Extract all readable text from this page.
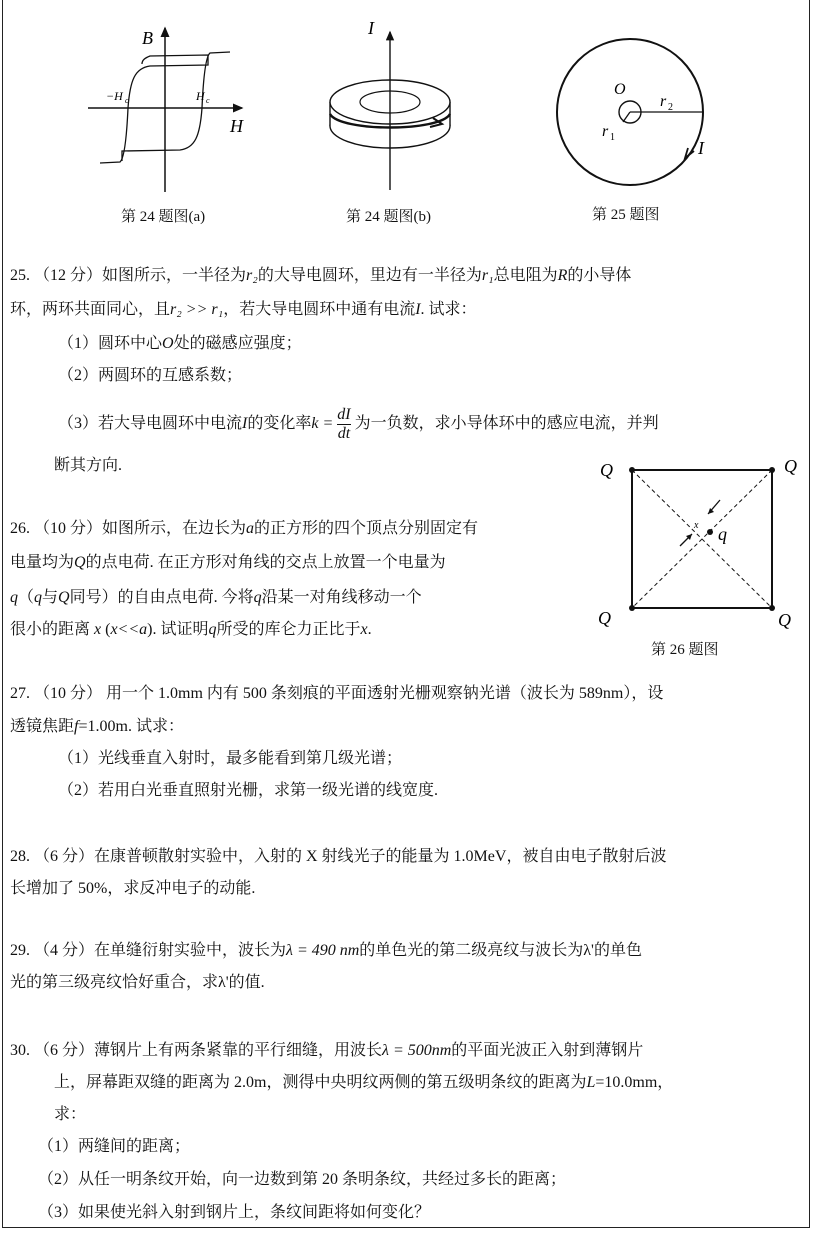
B
H
−H c	H c
第 24 题图(a)
I
第 24 题图(b)
O
r 2
r 1
I
第 25 题图
25. （12 分）如图所示，一半径为r₂的大导电圆环，里边有一半径为r₁总电阻为R的小导体
环，两环共面同心，且r₂ >> r₁，若大导电圆环中通有电流I. 试求：
（1）圆环中心O处的磁感应强度；
（2）两圆环的互感系数；
（3）若大导电圆环中电流I的变化率$k = \frac{dI}{dt}$ 为一负数，求小导体环中的感应电流，并判
断其方向.
x q
Q	Q
Q	Q
第 26 题图
26. （10 分）如图所示，在边长为a的正方形的四个顶点分别固定有
电量均为Q的点电荷. 在正方形对角线的交点上放置一个电量为
q（q与Q同号）的自由点电荷. 今将q沿某一对角线移动一个
很小的距离 x (x<<a). 试证明q所受的库仑力正比于x.
27. （10 分） 用一个 1.0mm 内有 500 条刻痕的平面透射光栅观察钠光谱（波长为 589nm），设
透镜焦距f=1.00m. 试求：
（1）光线垂直入射时，最多能看到第几级光谱；
（2）若用白光垂直照射光栅，求第一级光谱的线宽度.
28. （6 分）在康普顿散射实验中，入射的 X 射线光子的能量为 1.0MeV，被自由电子散射后波
长增加了 50%，求反冲电子的动能.
29. （4 分）在单缝衍射实验中，波长为λ = 490 nm的单色光的第二级亮纹与波长为λ'的单色
光的第三级亮纹恰好重合，求λ'的值.
30. （6 分）薄钢片上有两条紧靠的平行细缝，用波长λ = 500nm的平面光波正入射到薄钢片
上，屏幕距双缝的距离为 2.0m，测得中央明纹两侧的第五级明条纹的距离为L=10.0mm，
求：
（1）两缝间的距离；
（2）从任一明条纹开始，向一边数到第 20 条明条纹，共经过多长的距离；
（3）如果使光斜入射到钢片上，条纹间距将如何变化？
